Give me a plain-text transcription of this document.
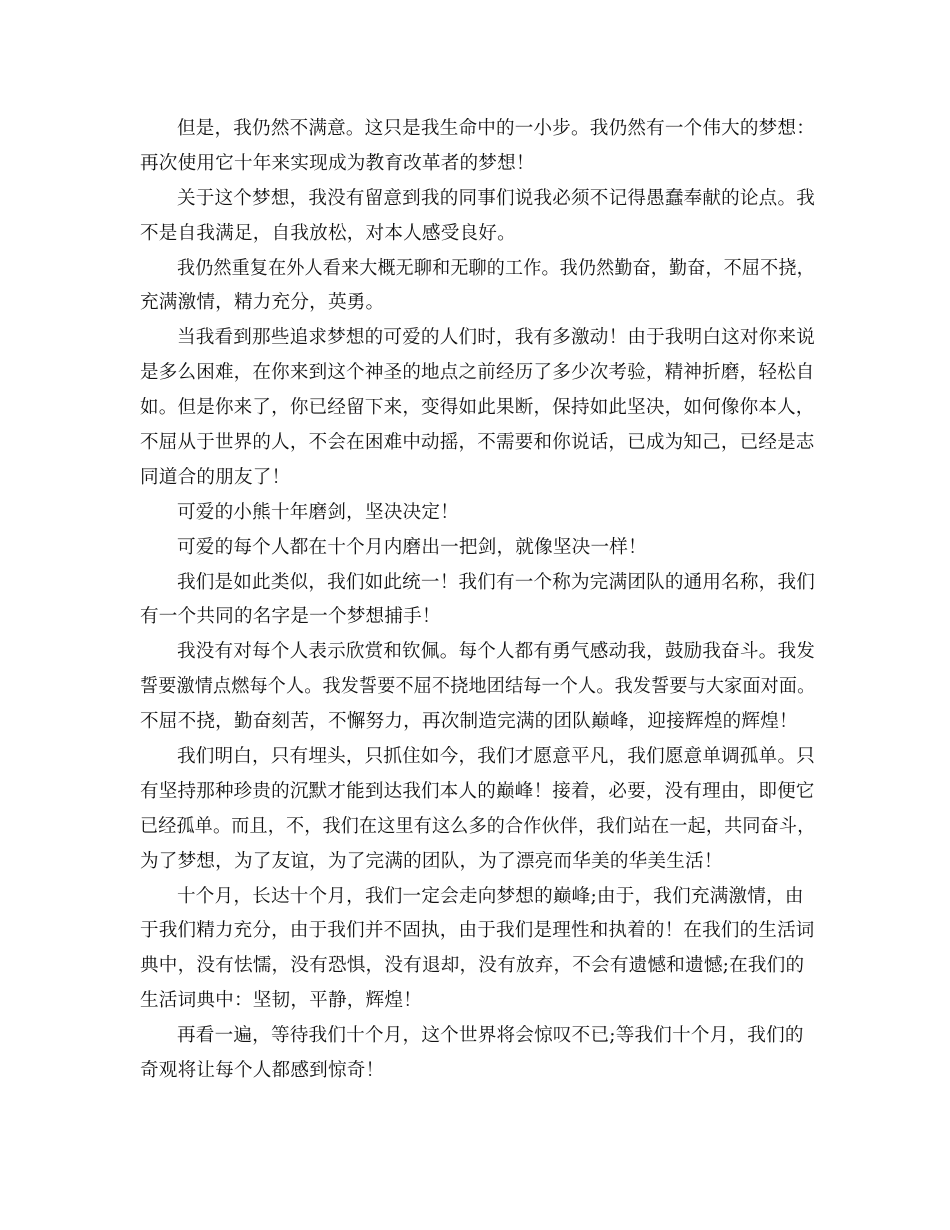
但是，我仍然不满意。这只是我生命中的一小步。我仍然有一个伟大的梦想：
再次使用它十年来实现成为教育改革者的梦想！
关于这个梦想，我没有留意到我的同事们说我必须不记得愚蠢奉献的论点。我
不是自我满足，自我放松，对本人感受良好。
我仍然重复在外人看来大概无聊和无聊的工作。我仍然勤奋，勤奋，不屈不挠，
充满激情，精力充分，英勇。
当我看到那些追求梦想的可爱的人们时，我有多激动！由于我明白这对你来说
是多么困难，在你来到这个神圣的地点之前经历了多少次考验，精神折磨，轻松自
如。但是你来了，你已经留下来，变得如此果断，保持如此坚决，如何像你本人，
不屈从于世界的人，不会在困难中动摇，不需要和你说话，已成为知己，已经是志
同道合的朋友了！
可爱的小熊十年磨剑，坚决决定！
可爱的每个人都在十个月内磨出一把剑，就像坚决一样！
我们是如此类似，我们如此统一！我们有一个称为完满团队的通用名称，我们
有一个共同的名字是一个梦想捕手！
我没有对每个人表示欣赏和钦佩。每个人都有勇气感动我，鼓励我奋斗。我发
誓要激情点燃每个人。我发誓要不屈不挠地团结每一个人。我发誓要与大家面对面。
不屈不挠，勤奋刻苦，不懈努力，再次制造完满的团队巅峰，迎接辉煌的辉煌！
我们明白，只有埋头，只抓住如今，我们才愿意平凡，我们愿意单调孤单。只
有坚持那种珍贵的沉默才能到达我们本人的巅峰！接着，必要，没有理由，即便它
已经孤单。而且，不，我们在这里有这么多的合作伙伴，我们站在一起，共同奋斗，
为了梦想，为了友谊，为了完满的团队，为了漂亮而华美的华美生活！
十个月，长达十个月，我们一定会走向梦想的巅峰;由于，我们充满激情，由
于我们精力充分，由于我们并不固执，由于我们是理性和执着的！在我们的生活词
典中，没有怯懦，没有恐惧，没有退却，没有放弃，不会有遗憾和遗憾;在我们的
生活词典中：坚韧，平静，辉煌！
再看一遍，等待我们十个月，这个世界将会惊叹不已;等我们十个月，我们的
奇观将让每个人都感到惊奇！
